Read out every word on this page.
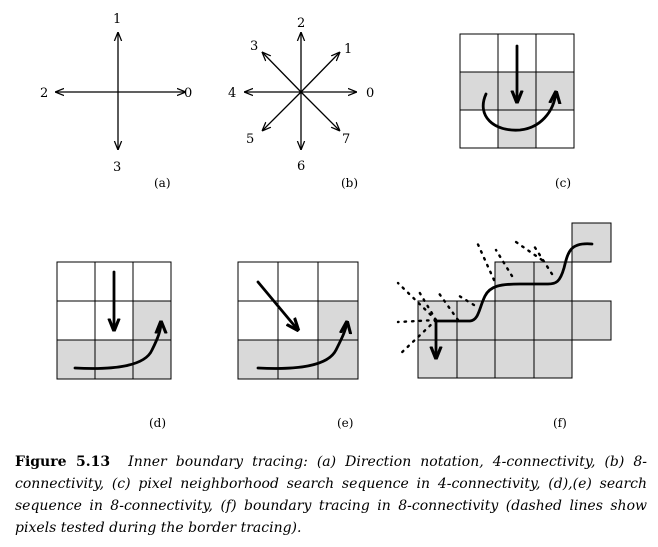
0
1
2
3
(a)
0
1
2
3
4
5
6
7
(b)	(c)
(d)	(e)	(f)

Figure 5.13 Inner boundary tracing: (a) Direction notation, 4-connectivity, (b) 8-connectivity, (c) pixel neighborhood search sequence in 4-connectivity, (d),(e) search sequence in 8-connectivity, (f) boundary tracing in 8-connectivity (dashed lines show pixels tested during the border tracing).
